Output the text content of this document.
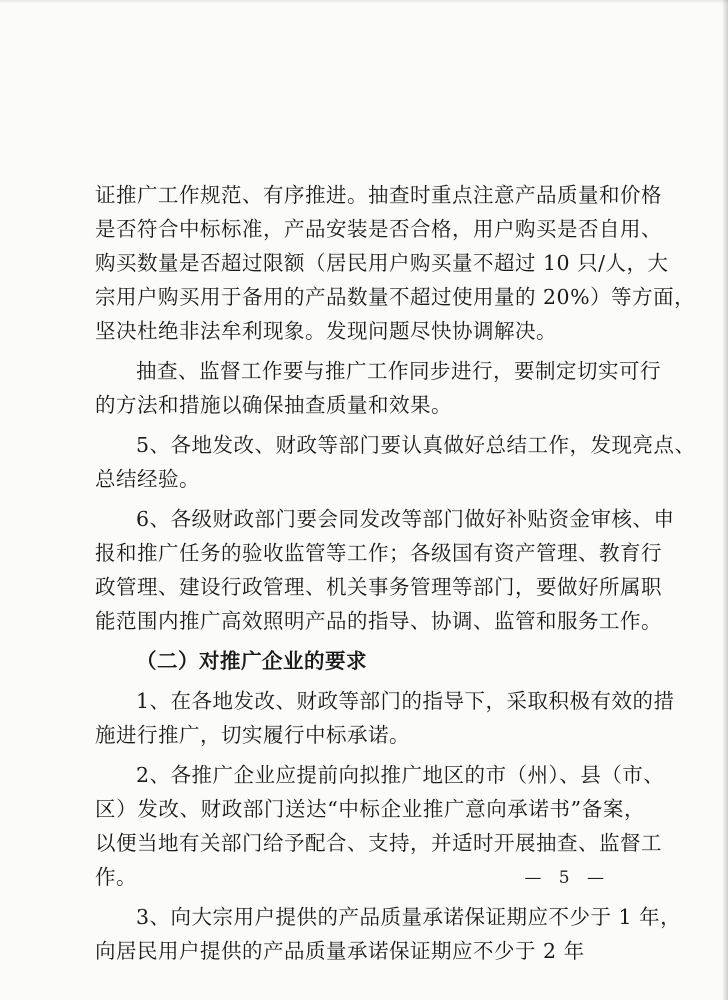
证推广工作规范、有序推进。抽查时重点注意产品质量和价格
是否符合中标标准，产品安装是否合格，用户购买是否自用、
购买数量是否超过限额（居民用户购买量不超过 10 只/人，大
宗用户购买用于备用的产品数量不超过使用量的 20%）等方面，
坚决杜绝非法牟利现象。发现问题尽快协调解决。
抽查、监督工作要与推广工作同步进行，要制定切实可行
的方法和措施以确保抽查质量和效果。
5、各地发改、财政等部门要认真做好总结工作，发现亮点、
总结经验。
6、各级财政部门要会同发改等部门做好补贴资金审核、申
报和推广任务的验收监管等工作；各级国有资产管理、教育行
政管理、建设行政管理、机关事务管理等部门，要做好所属职
能范围内推广高效照明产品的指导、协调、监管和服务工作。
（二）对推广企业的要求
1、在各地发改、财政等部门的指导下，采取积极有效的措
施进行推广，切实履行中标承诺。
2、各推广企业应提前向拟推广地区的市（州）、县（市、
区）发改、财政部门送达“中标企业推广意向承诺书”备案，
以便当地有关部门给予配合、支持，并适时开展抽查、监督工
作。
3、向大宗用户提供的产品质量承诺保证期应不少于 1 年，
向居民用户提供的产品质量承诺保证期应不少于 2 年
— 5 —
